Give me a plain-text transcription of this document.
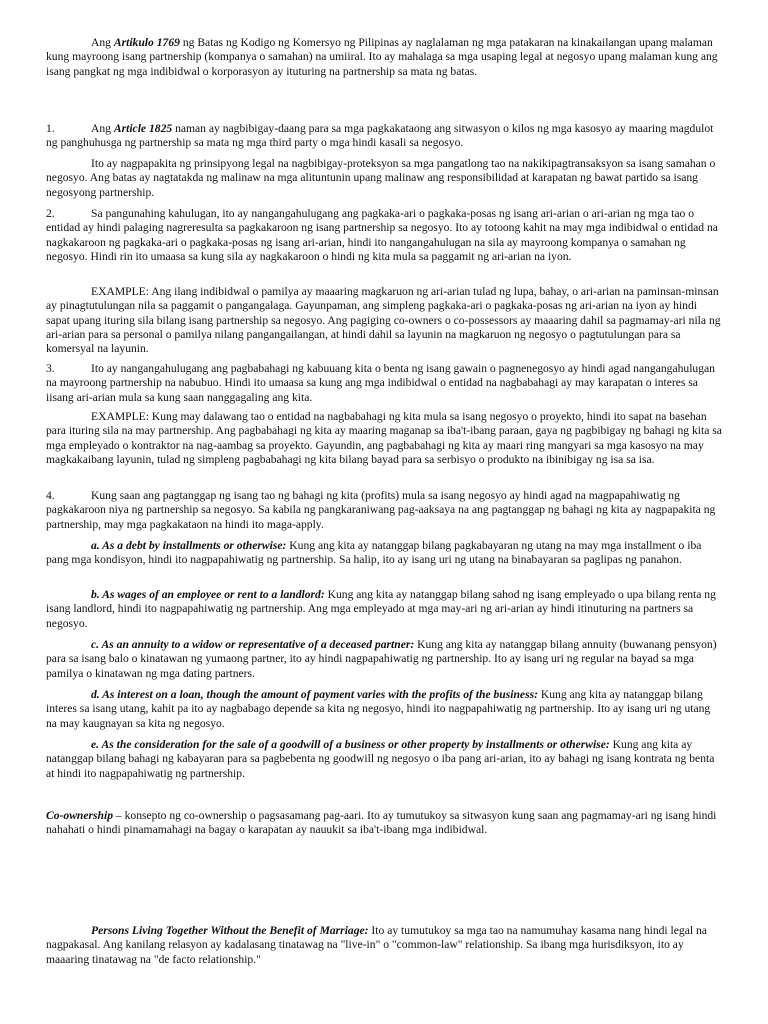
Ang Artikulo 1769 ng Batas ng Kodigo ng Komersyo ng Pilipinas ay naglalaman ng mga patakaran na kinakailangan upang malaman kung mayroong isang partnership (kompanya o samahan) na umiiral. Ito ay mahalaga sa mga usaping legal at negosyo upang malaman kung ang isang pangkat ng mga indibidwal o korporasyon ay ituturing na partnership sa mata ng batas.

1.	Ang Article 1825 naman ay nagbibigay-daang para sa mga pagkakataong ang sitwasyon o kilos ng mga kasosyo ay maaring magdulot ng panghuhusga ng partnership sa mata ng mga third party o mga hindi kasali sa negosyo.

Ito ay nagpapakita ng prinsipyong legal na nagbibigay-proteksyon sa mga pangatlong tao na nakikipagtransaksyon sa isang samahan o negosyo. Ang batas ay nagtatakda ng malinaw na mga alituntunin upang malinaw ang responsibilidad at karapatan ng bawat partido sa isang negosyong partnership.

2.	Sa pangunahing kahulugan, ito ay nangangahulugang ang pagkaka-ari o pagkaka-posas ng isang ari-arian o ari-arian ng mga tao o entidad ay hindi palaging nagreresulta sa pagkakaroon ng isang partnership sa negosyo. Ito ay totoong kahit na may mga indibidwal o entidad na nagkakaroon ng pagkaka-ari o pagkaka-posas ng isang ari-arian, hindi ito nangangahulugan na sila ay mayroong kompanya o samahan ng negosyo. Hindi rin ito umaasa sa kung sila ay nagkakaroon o hindi ng kita mula sa paggamit ng ari-arian na iyon.

EXAMPLE: Ang ilang indibidwal o pamilya ay maaaring magkaruon ng ari-arian tulad ng lupa, bahay, o ari-arian na paminsan-minsan ay pinagtutulungan nila sa paggamit o pangangalaga. Gayunpaman, ang simpleng pagkaka-ari o pagkaka-posas ng ari-arian na iyon ay hindi sapat upang ituring sila bilang isang partnership sa negosyo. Ang pagiging co-owners o co-possessors ay maaaring dahil sa pagmamay-ari nila ng ari-arian para sa personal o pamilya nilang pangangailangan, at hindi dahil sa layunin na magkaruon ng negosyo o pagtutulungan para sa komersyal na layunin.

3.	Ito ay nangangahulugang ang pagbabahagi ng kabuuang kita o benta ng isang gawain o pagnenegosyo ay hindi agad nangangahulugan na mayroong partnership na nabubuo. Hindi ito umaasa sa kung ang mga indibidwal o entidad na nagbabahagi ay may karapatan o interes sa iisang ari-arian mula sa kung saan nanggagaling ang kita.

EXAMPLE: Kung may dalawang tao o entidad na nagbabahagi ng kita mula sa isang negosyo o proyekto, hindi ito sapat na basehan para ituring sila na may partnership. Ang pagbabahagi ng kita ay maaring maganap sa iba't-ibang paraan, gaya ng pagbibigay ng bahagi ng kita sa mga empleyado o kontraktor na nag-aambag sa proyekto. Gayundin, ang pagbabahagi ng kita ay maari ring mangyari sa mga kasosyo na may magkakaibang layunin, tulad ng simpleng pagbabahagi ng kita bilang bayad para sa serbisyo o produkto na ibinibigay ng isa sa isa.

4.	Kung saan ang pagtanggap ng isang tao ng bahagi ng kita (profits) mula sa isang negosyo ay hindi agad na magpapahiwatig ng pagkakaroon niya ng partnership sa negosyo. Sa kabila ng pangkaraniwang pag-aaksaya na ang pagtanggap ng bahagi ng kita ay nagpapakita ng partnership, may mga pagkakataon na hindi ito maga-apply.

a. As a debt by installments or otherwise: Kung ang kita ay natanggap bilang pagkabayaran ng utang na may mga installment o iba pang mga kondisyon, hindi ito nagpapahiwatig ng partnership. Sa halip, ito ay isang uri ng utang na binabayaran sa paglipas ng panahon.

b. As wages of an employee or rent to a landlord: Kung ang kita ay natanggap bilang sahod ng isang empleyado o upa bilang renta ng isang landlord, hindi ito nagpapahiwatig ng partnership. Ang mga empleyado at mga may-ari ng ari-arian ay hindi itinuturing na partners sa negosyo.

c. As an annuity to a widow or representative of a deceased partner: Kung ang kita ay natanggap bilang annuity (buwanang pensyon) para sa isang balo o kinatawan ng yumaong partner, ito ay hindi nagpapahiwatig ng partnership. Ito ay isang uri ng regular na bayad sa mga pamilya o kinatawan ng mga dating partners.

d. As interest on a loan, though the amount of payment varies with the profits of the business: Kung ang kita ay natanggap bilang interes sa isang utang, kahit pa ito ay nagbabago depende sa kita ng negosyo, hindi ito nagpapahiwatig ng partnership. Ito ay isang uri ng utang na may kaugnayan sa kita ng negosyo.

e. As the consideration for the sale of a goodwill of a business or other property by installments or otherwise: Kung ang kita ay natanggap bilang bahagi ng kabayaran para sa pagbebenta ng goodwill ng negosyo o iba pang ari-arian, ito ay bahagi ng isang kontrata ng benta at hindi ito nagpapahiwatig ng partnership.

Co-ownership – konsepto ng co-ownership o pagsasamang pag-aari. Ito ay tumutukoy sa sitwasyon kung saan ang pagmamay-ari ng isang hindi nahahati o hindi pinamamahagi na bagay o karapatan ay nauukit sa iba't-ibang mga indibidwal.

Persons Living Together Without the Benefit of Marriage: Ito ay tumutukoy sa mga tao na namumuhay kasama nang hindi legal na nagpakasal. Ang kanilang relasyon ay kadalasang tinatawag na "live-in" o "common-law" relationship. Sa ibang mga hurisdiksyon, ito ay maaaring tinatawag na "de facto relationship."
